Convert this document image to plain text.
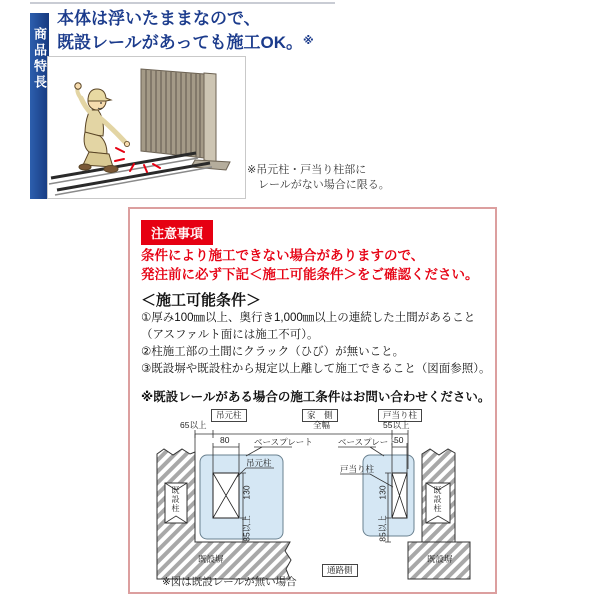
商品特長
本体は浮いたままなので、
既設レールがあっても施工OK。※
※吊元柱・戸当り柱部に
レールがない場合に限る。
注意事項
条件により施工できない場合がありますので、
発注前に必ず下記＜施工可能条件＞をご確認ください。
＜施工可能条件＞
①厚み100㎜以上、奥行き1,000㎜以上の連続した土間があること
（アスファルト面には施工不可）。
②柱施工部の土間にクラック（ひび）が無いこと。
③既設塀や既設柱から規定以上離して施工できること（図面参照）。
※既設レールがある場合の施工条件はお問い合わせください。
吊元柱	家　側	戸当り柱
65以上	全幅	55以上
80	50
ベースプレート	ベースプレート
吊元柱
戸当り柱
130
85以上
130
85以上
既設柱	既設柱
既設塀	既設塀
通路側
※図は既設レールが無い場合
